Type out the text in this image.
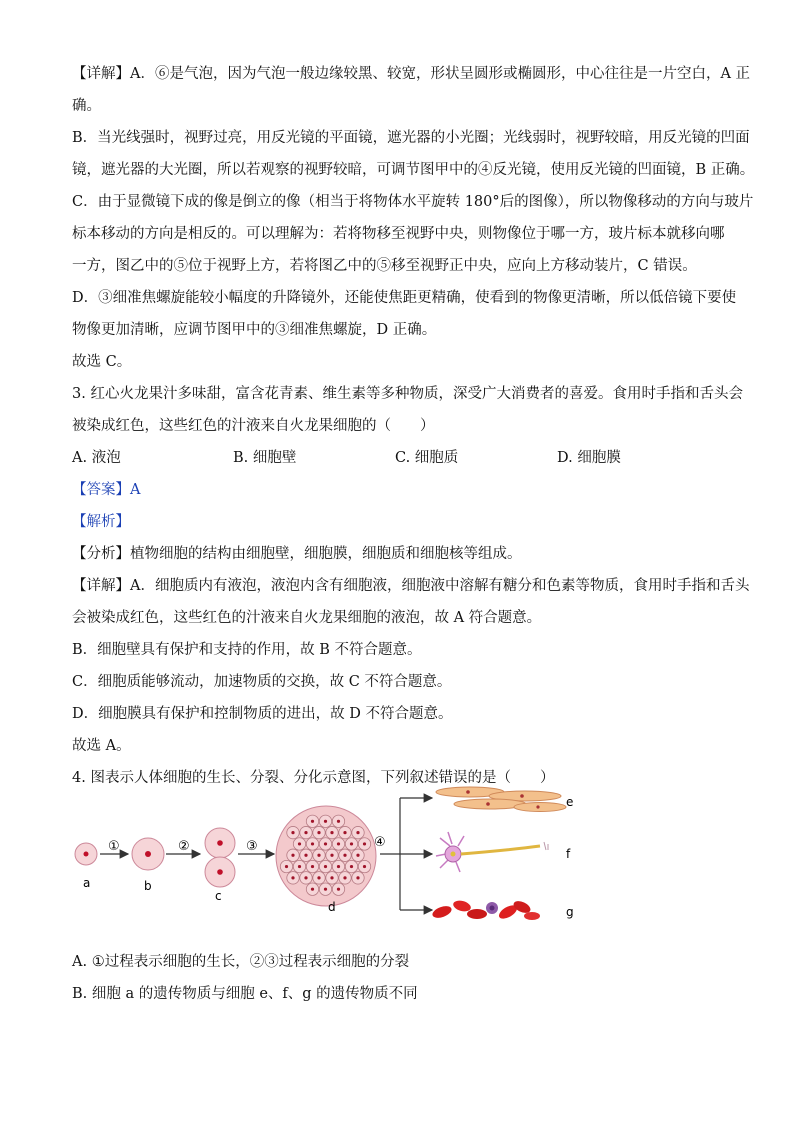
【详解】A．⑥是气泡，因为气泡一般边缘较黑、较宽，形状呈圆形或椭圆形，中心往往是一片空白，A 正
确。
B．当光线强时，视野过亮，用反光镜的平面镜，遮光器的小光圈；光线弱时，视野较暗，用反光镜的凹面
镜，遮光器的大光圈，所以若观察的视野较暗，可调节图甲中的④反光镜，使用反光镜的凹面镜，B 正确。
C．由于显微镜下成的像是倒立的像（相当于将物体水平旋转 180°后的图像），所以物像移动的方向与玻片
标本移动的方向是相反的。可以理解为：若将物移至视野中央，则物像位于哪一方，玻片标本就移向哪
一方，图乙中的⑤位于视野上方，若将图乙中的⑤移至视野正中央，应向上方移动装片，C 错误。
D．③细准焦螺旋能较小幅度的升降镜外，还能使焦距更精确，使看到的物像更清晰，所以低倍镜下要使
物像更加清晰，应调节图甲中的③细准焦螺旋，D 正确。
故选 C。
3. 红心火龙果汁多味甜，富含花青素、维生素等多种物质，深受广大消费者的喜爱。食用时手指和舌头会
被染成红色，这些红色的汁液来自火龙果细胞的（　　）
A. 液泡	B. 细胞壁	C. 细胞质	D. 细胞膜
【答案】A
【解析】
【分析】植物细胞的结构由细胞壁，细胞膜，细胞质和细胞核等组成。
【详解】A．细胞质内有液泡，液泡内含有细胞液，细胞液中溶解有糖分和色素等物质，食用时手指和舌头
会被染成红色，这些红色的汁液来自火龙果细胞的液泡，故 A 符合题意。
B．细胞壁具有保护和支持的作用，故 B 不符合题意。
C．细胞质能够流动，加速物质的交换，故 C 不符合题意。
D．细胞膜具有保护和控制物质的进出，故 D 不符合题意。
故选 A。
4. 图表示人体细胞的生长、分裂、分化示意图，下列叙述错误的是（　　）
a
①
b
②
c
③
d
④
e
f
g
A. ①过程表示细胞的生长，②③过程表示细胞的分裂
B. 细胞 a 的遗传物质与细胞 e、f、g 的遗传物质不同
